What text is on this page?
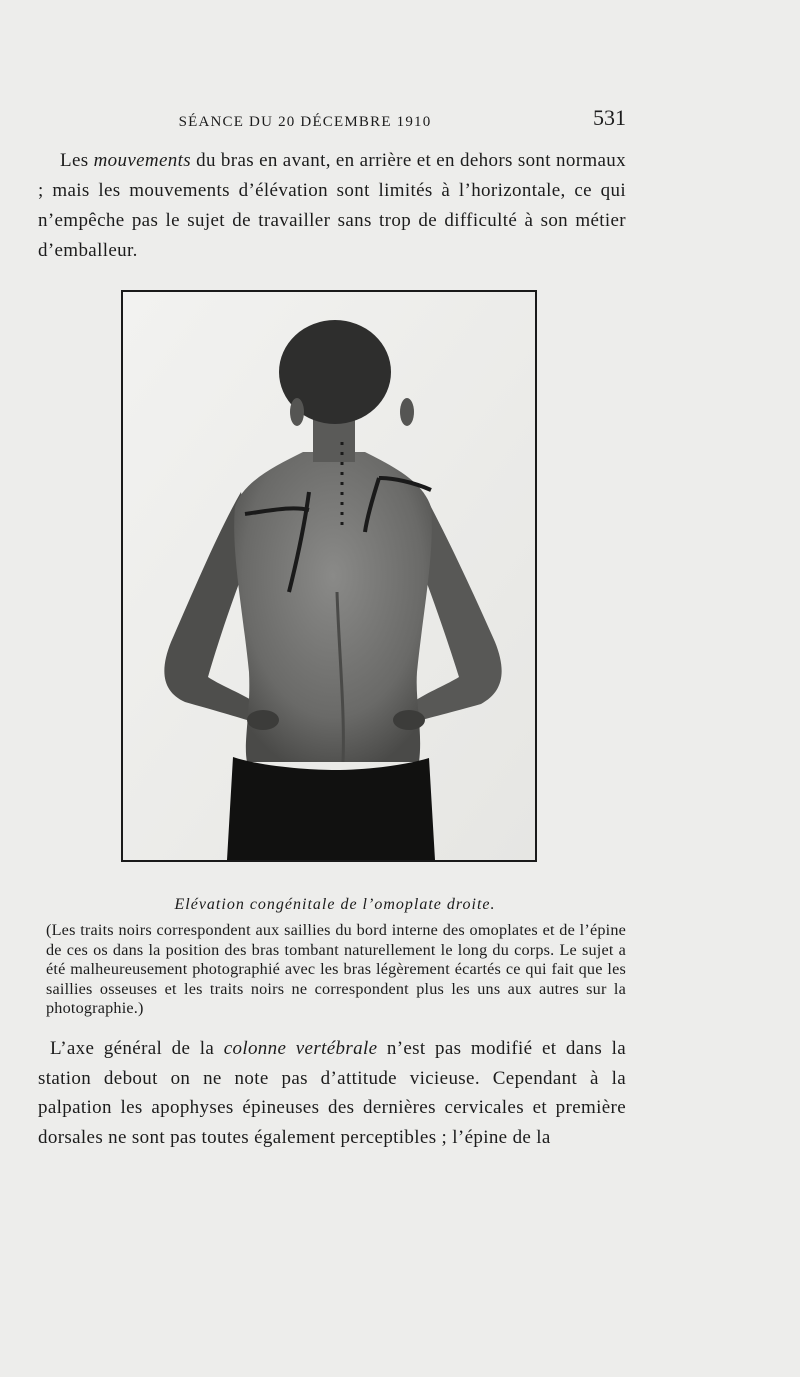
SÉANCE DU 20 DÉCEMBRE 1910	531

Les mouvements du bras en avant, en arrière et en dehors sont normaux ; mais les mouvements d’élévation sont limités à l’horizontale, ce qui n’empêche pas le sujet de travailler sans trop de difficulté à son métier d’emballeur.

Elévation congénitale de l’omoplate droite.
(Les traits noirs correspondent aux saillies du bord interne des omoplates et de l’épine de ces os dans la position des bras tombant naturellement le long du corps. Le sujet a été malheureusement photographié avec les bras légèrement écartés ce qui fait que les saillies osseuses et les traits noirs ne correspondent plus les uns aux autres sur la photographie.)

L’axe général de la colonne vertébrale n’est pas modifié et dans la station debout on ne note pas d’attitude vicieuse. Cependant à la palpation les apophyses épineuses des dernières cervicales et première dorsales ne sont pas toutes également perceptibles ; l’épine de la
